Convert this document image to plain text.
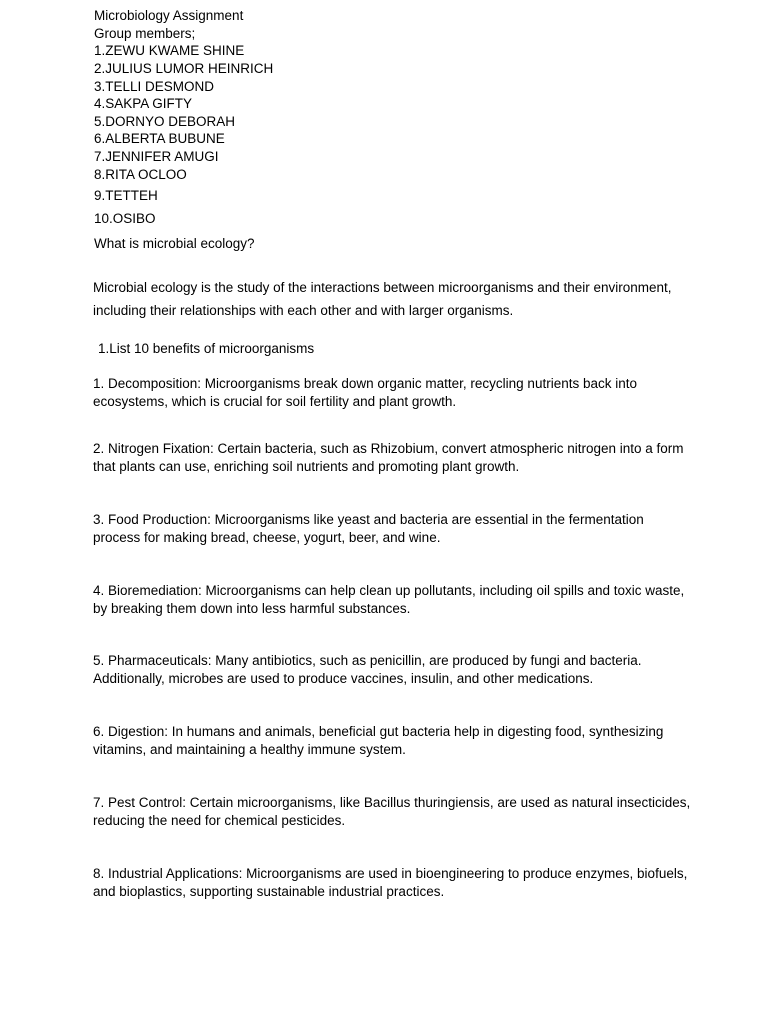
Microbiology Assignment
Group members;
1.ZEWU KWAME SHINE
2.JULIUS LUMOR HEINRICH
3.TELLI DESMOND
4.SAKPA GIFTY
5.DORNYO DEBORAH
6.ALBERTA BUBUNE
7.JENNIFER AMUGI
8.RITA OCLOO
9.TETTEH
10.OSIBO
What is microbial ecology?
Microbial ecology is the study of the interactions between microorganisms and their environment, including their relationships with each other and with larger organisms.
1.List 10 benefits of microorganisms
1. Decomposition: Microorganisms break down organic matter, recycling nutrients back into ecosystems, which is crucial for soil fertility and plant growth.
2. Nitrogen Fixation: Certain bacteria, such as Rhizobium, convert atmospheric nitrogen into a form that plants can use, enriching soil nutrients and promoting plant growth.
3. Food Production: Microorganisms like yeast and bacteria are essential in the fermentation process for making bread, cheese, yogurt, beer, and wine.
4. Bioremediation: Microorganisms can help clean up pollutants, including oil spills and toxic waste, by breaking them down into less harmful substances.
5. Pharmaceuticals: Many antibiotics, such as penicillin, are produced by fungi and bacteria. Additionally, microbes are used to produce vaccines, insulin, and other medications.
6. Digestion: In humans and animals, beneficial gut bacteria help in digesting food, synthesizing vitamins, and maintaining a healthy immune system.
7. Pest Control: Certain microorganisms, like Bacillus thuringiensis, are used as natural insecticides, reducing the need for chemical pesticides.
8. Industrial Applications: Microorganisms are used in bioengineering to produce enzymes, biofuels, and bioplastics, supporting sustainable industrial practices.
